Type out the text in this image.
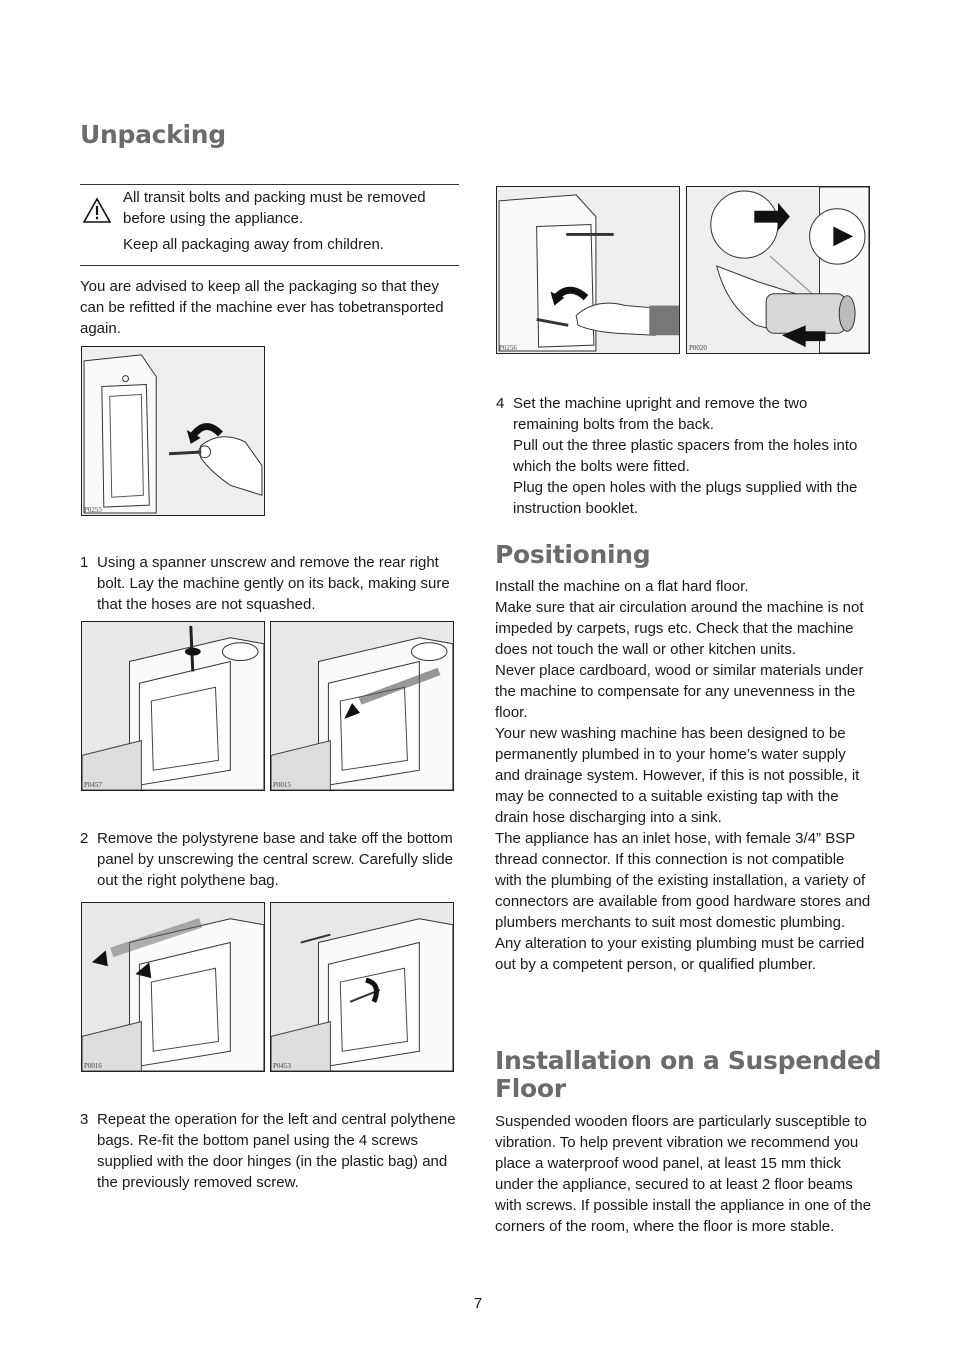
Unpacking

All transit bolts and packing must be removed before using the appliance.

Keep all packaging away from children.

You are advised to keep all the packaging so that they can be refitted if the machine ever has tobetransported again.
P0255
1 Using a spanner unscrew and remove the rear right bolt. Lay the machine gently on its back, making sure that the hoses are not squashed.
P0457	P0015
2 Remove the polystyrene base and take off the bottom panel by unscrewing the central screw. Carefully slide out the right polythene bag.
P0016	P0453
3 Repeat the operation for the left and central polythene bags. Re-fit the bottom panel using the 4 screws supplied with the door hinges (in the plastic bag) and the previously removed screw.
P0256	P0020
4 Set the machine upright and remove the two remaining bolts from the back.

Pull out the three plastic spacers from the holes into which the bolts were fitted.

Plug the open holes with the plugs supplied with the instruction booklet.

Positioning

Install the machine on a flat hard floor.

Make sure that air circulation around the machine is not impeded by carpets, rugs etc. Check that the machine does not touch the wall or other kitchen units.

Never place cardboard, wood or similar materials under the machine to compensate for any unevenness in the floor.

Your new washing machine has been designed to be permanently plumbed in to your home’s water supply and drainage system. However, if this is not possible, it may be connected to a suitable existing tap with the drain hose discharging into a sink.

The appliance has an inlet hose, with female 3/4” BSP thread connector. If this connection is not compatible with the plumbing of the existing installation, a variety of connectors are available from good hardware stores and plumbers merchants to suit most domestic plumbing. Any alteration to your existing plumbing must be carried out by a competent person, or qualified plumber.

Installation on a Suspended
Floor
Suspended wooden floors are particularly susceptible to vibration. To help prevent vibration we recommend you place a waterproof wood panel, at least 15 mm thick under the appliance, secured to at least 2 floor beams with screws. If possible install the appliance in one of the corners of the room, where the floor is more stable.
7
